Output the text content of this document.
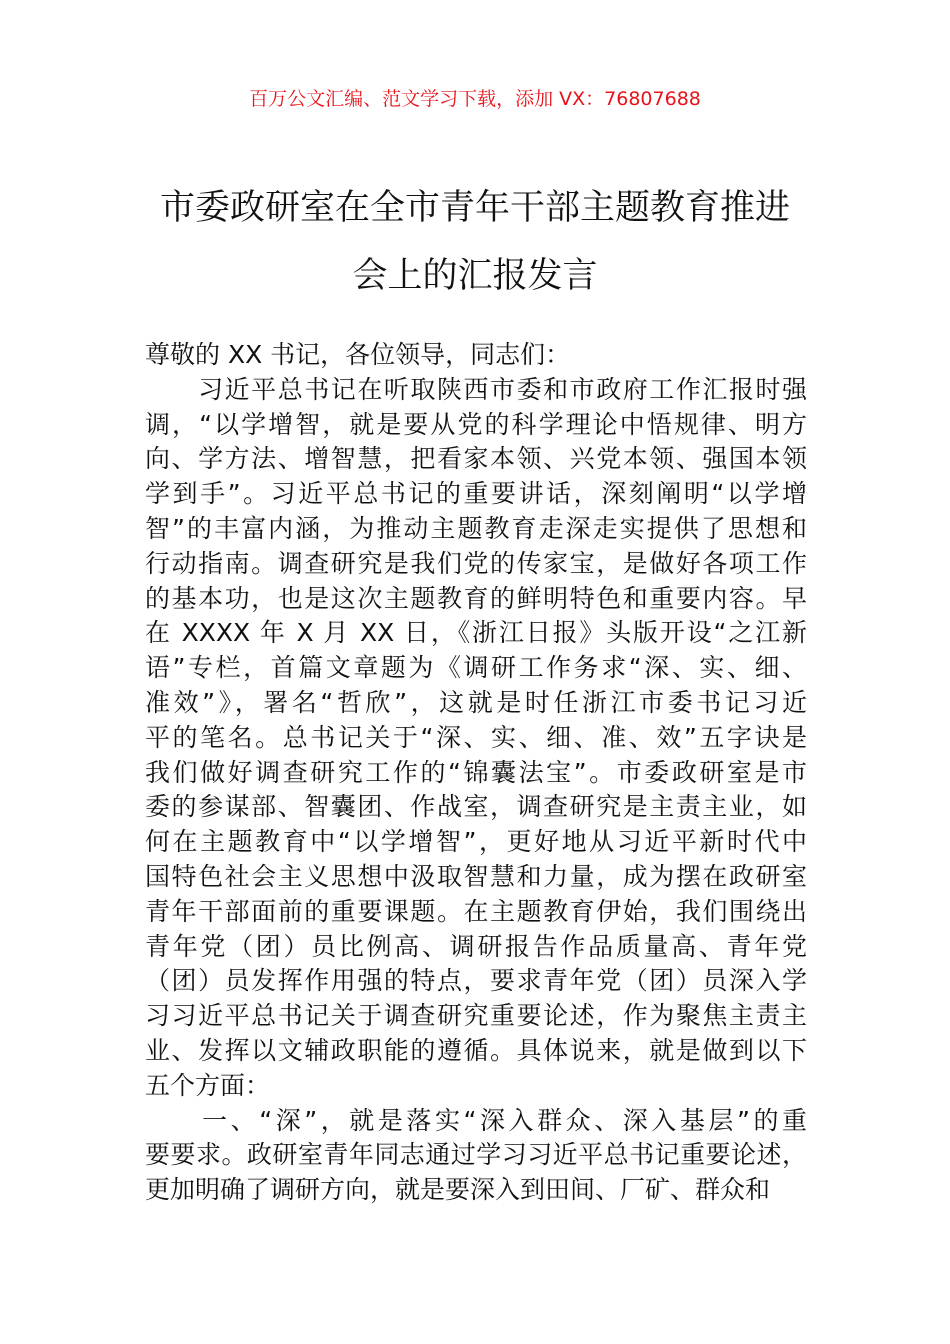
百万公文汇编、范文学习下载，添加 VX：76807688
市委政研室在全市青年干部主题教育推进
会上的汇报发言
尊敬的 XX 书记，各位领导，同志们：
　　习近平总书记在听取陕西市委和市政府工作汇报时强
调，“以学增智，就是要从党的科学理论中悟规律、明方
向、学方法、增智慧，把看家本领、兴党本领、强国本领
学到手”。习近平总书记的重要讲话，深刻阐明“以学增
智”的丰富内涵，为推动主题教育走深走实提供了思想和
行动指南。调查研究是我们党的传家宝，是做好各项工作
的基本功，也是这次主题教育的鲜明特色和重要内容。早
在 XXXX 年 X 月 XX 日，《浙江日报》头版开设“之江新
语”专栏，首篇文章题为《调研工作务求“深、实、细、
准效”》，署名“哲欣”，这就是时任浙江市委书记习近
平的笔名。总书记关于“深、实、细、准、效”五字诀是
我们做好调查研究工作的“锦囊法宝”。市委政研室是市
委的参谋部、智囊团、作战室，调查研究是主责主业，如
何在主题教育中“以学增智”，更好地从习近平新时代中
国特色社会主义思想中汲取智慧和力量，成为摆在政研室
青年干部面前的重要课题。在主题教育伊始，我们围绕出
青年党（团）员比例高、调研报告作品质量高、青年党
（团）员发挥作用强的特点，要求青年党（团）员深入学
习习近平总书记关于调查研究重要论述，作为聚焦主责主
业、发挥以文辅政职能的遵循。具体说来，就是做到以下
五个方面：
　　一、“深”，就是落实“深入群众、深入基层”的重
要要求。政研室青年同志通过学习习近平总书记重要论述，
更加明确了调研方向，就是要深入到田间、厂矿、群众和
